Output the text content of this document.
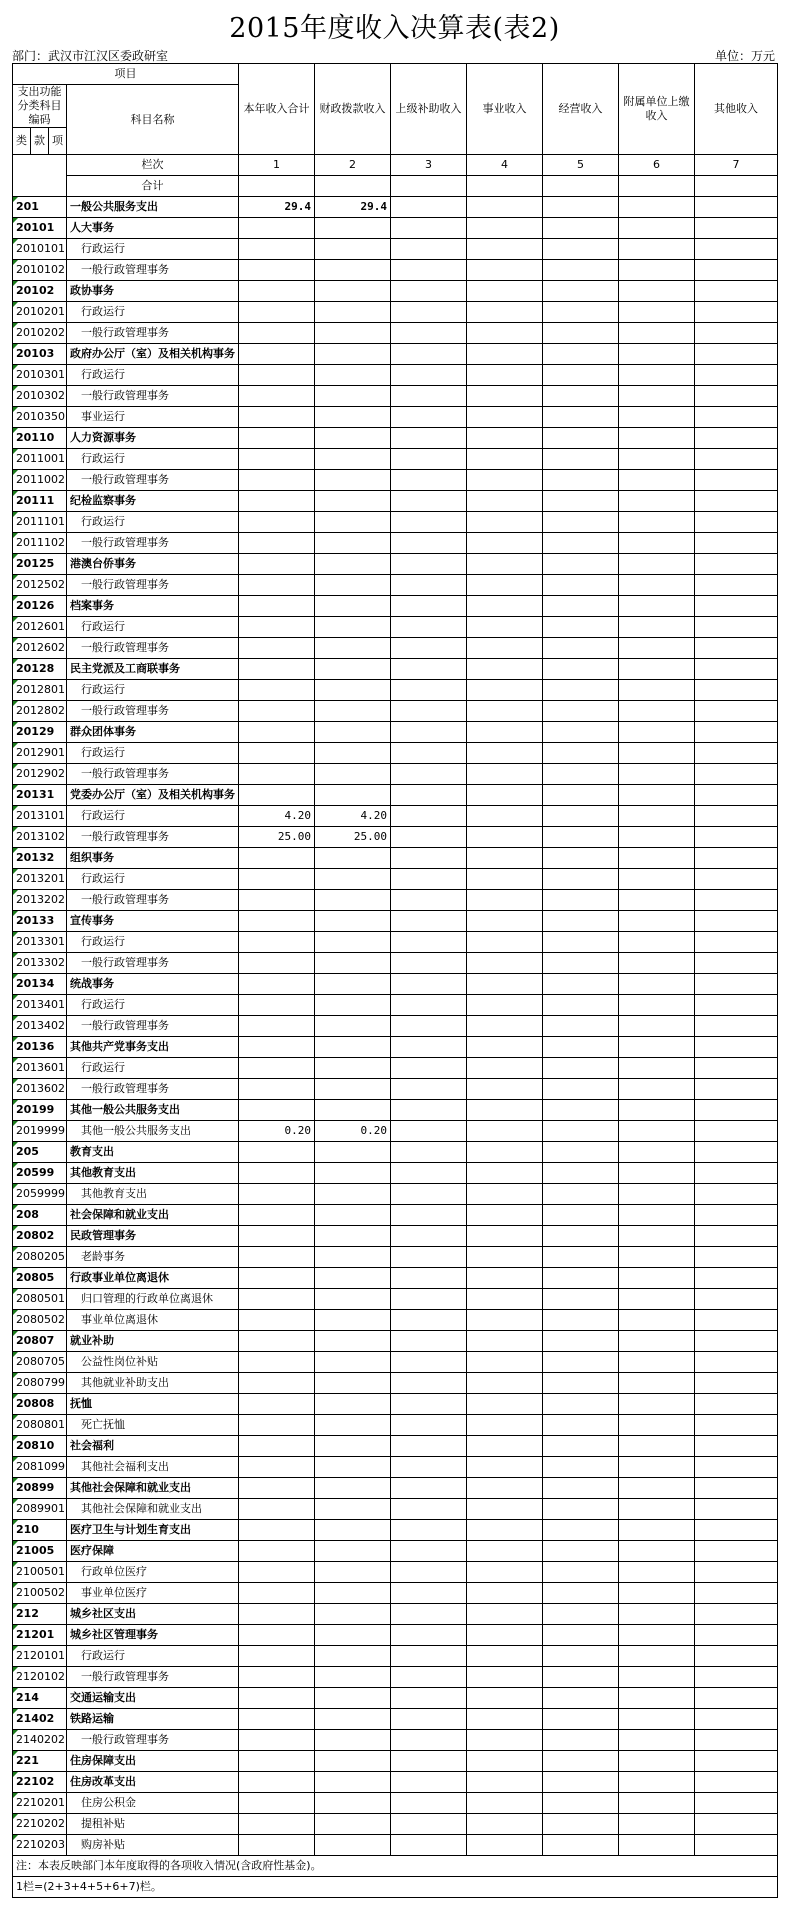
2015年度收入决算表(表2)
部门：武汉市江汉区委政研室	单位：万元
项目				本年收入合计	财政拨款收入	上级补助收入	事业收入	经营收入	附属单位上缴收入	其他收入
支出功能分类科目编码			科目名称							
类	款	项								
			栏次	1	2	3	4	5	6	7
			合计							
201			一般公共服务支出	29.4	29.4					
20101			人大事务							
2010101			行政运行							
2010102			一般行政管理事务							
20102			政协事务							
2010201			行政运行							
2010202			一般行政管理事务							
20103			政府办公厅（室）及相关机构事务							
2010301			行政运行							
2010302			一般行政管理事务							
2010350			事业运行							
20110			人力资源事务							
2011001			行政运行							
2011002			一般行政管理事务							
20111			纪检监察事务							
2011101			行政运行							
2011102			一般行政管理事务							
20125			港澳台侨事务							
2012502			一般行政管理事务							
20126			档案事务							
2012601			行政运行							
2012602			一般行政管理事务							
20128			民主党派及工商联事务							
2012801			行政运行							
2012802			一般行政管理事务							
20129			群众团体事务							
2012901			行政运行							
2012902			一般行政管理事务							
20131			党委办公厅（室）及相关机构事务							
2013101			行政运行	4.20	4.20					
2013102			一般行政管理事务	25.00	25.00					
20132			组织事务							
2013201			行政运行							
2013202			一般行政管理事务							
20133			宣传事务							
2013301			行政运行							
2013302			一般行政管理事务							
20134			统战事务							
2013401			行政运行							
2013402			一般行政管理事务							
20136			其他共产党事务支出							
2013601			行政运行							
2013602			一般行政管理事务							
20199			其他一般公共服务支出							
2019999			其他一般公共服务支出	0.20	0.20					
205			教育支出							
20599			其他教育支出							
2059999			其他教育支出							
208			社会保障和就业支出							
20802			民政管理事务							
2080205			老龄事务							
20805			行政事业单位离退休							
2080501			归口管理的行政单位离退休							
2080502			事业单位离退休							
20807			就业补助							
2080705			公益性岗位补贴							
2080799			其他就业补助支出							
20808			抚恤							
2080801			死亡抚恤							
20810			社会福利							
2081099			其他社会福利支出							
20899			其他社会保障和就业支出							
2089901			其他社会保障和就业支出							
210			医疗卫生与计划生育支出							
21005			医疗保障							
2100501			行政单位医疗							
2100502			事业单位医疗							
212			城乡社区支出							
21201			城乡社区管理事务							
2120101			行政运行							
2120102			一般行政管理事务							
214			交通运输支出							
21402			铁路运输							
2140202			一般行政管理事务							
221			住房保障支出							
22102			住房改革支出							
2210201			住房公积金							
2210202			提租补贴							
2210203			购房补贴							
注：本表反映部门本年度取得的各项收入情况(含政府性基金)。										
1栏=(2+3+4+5+6+7)栏。										
